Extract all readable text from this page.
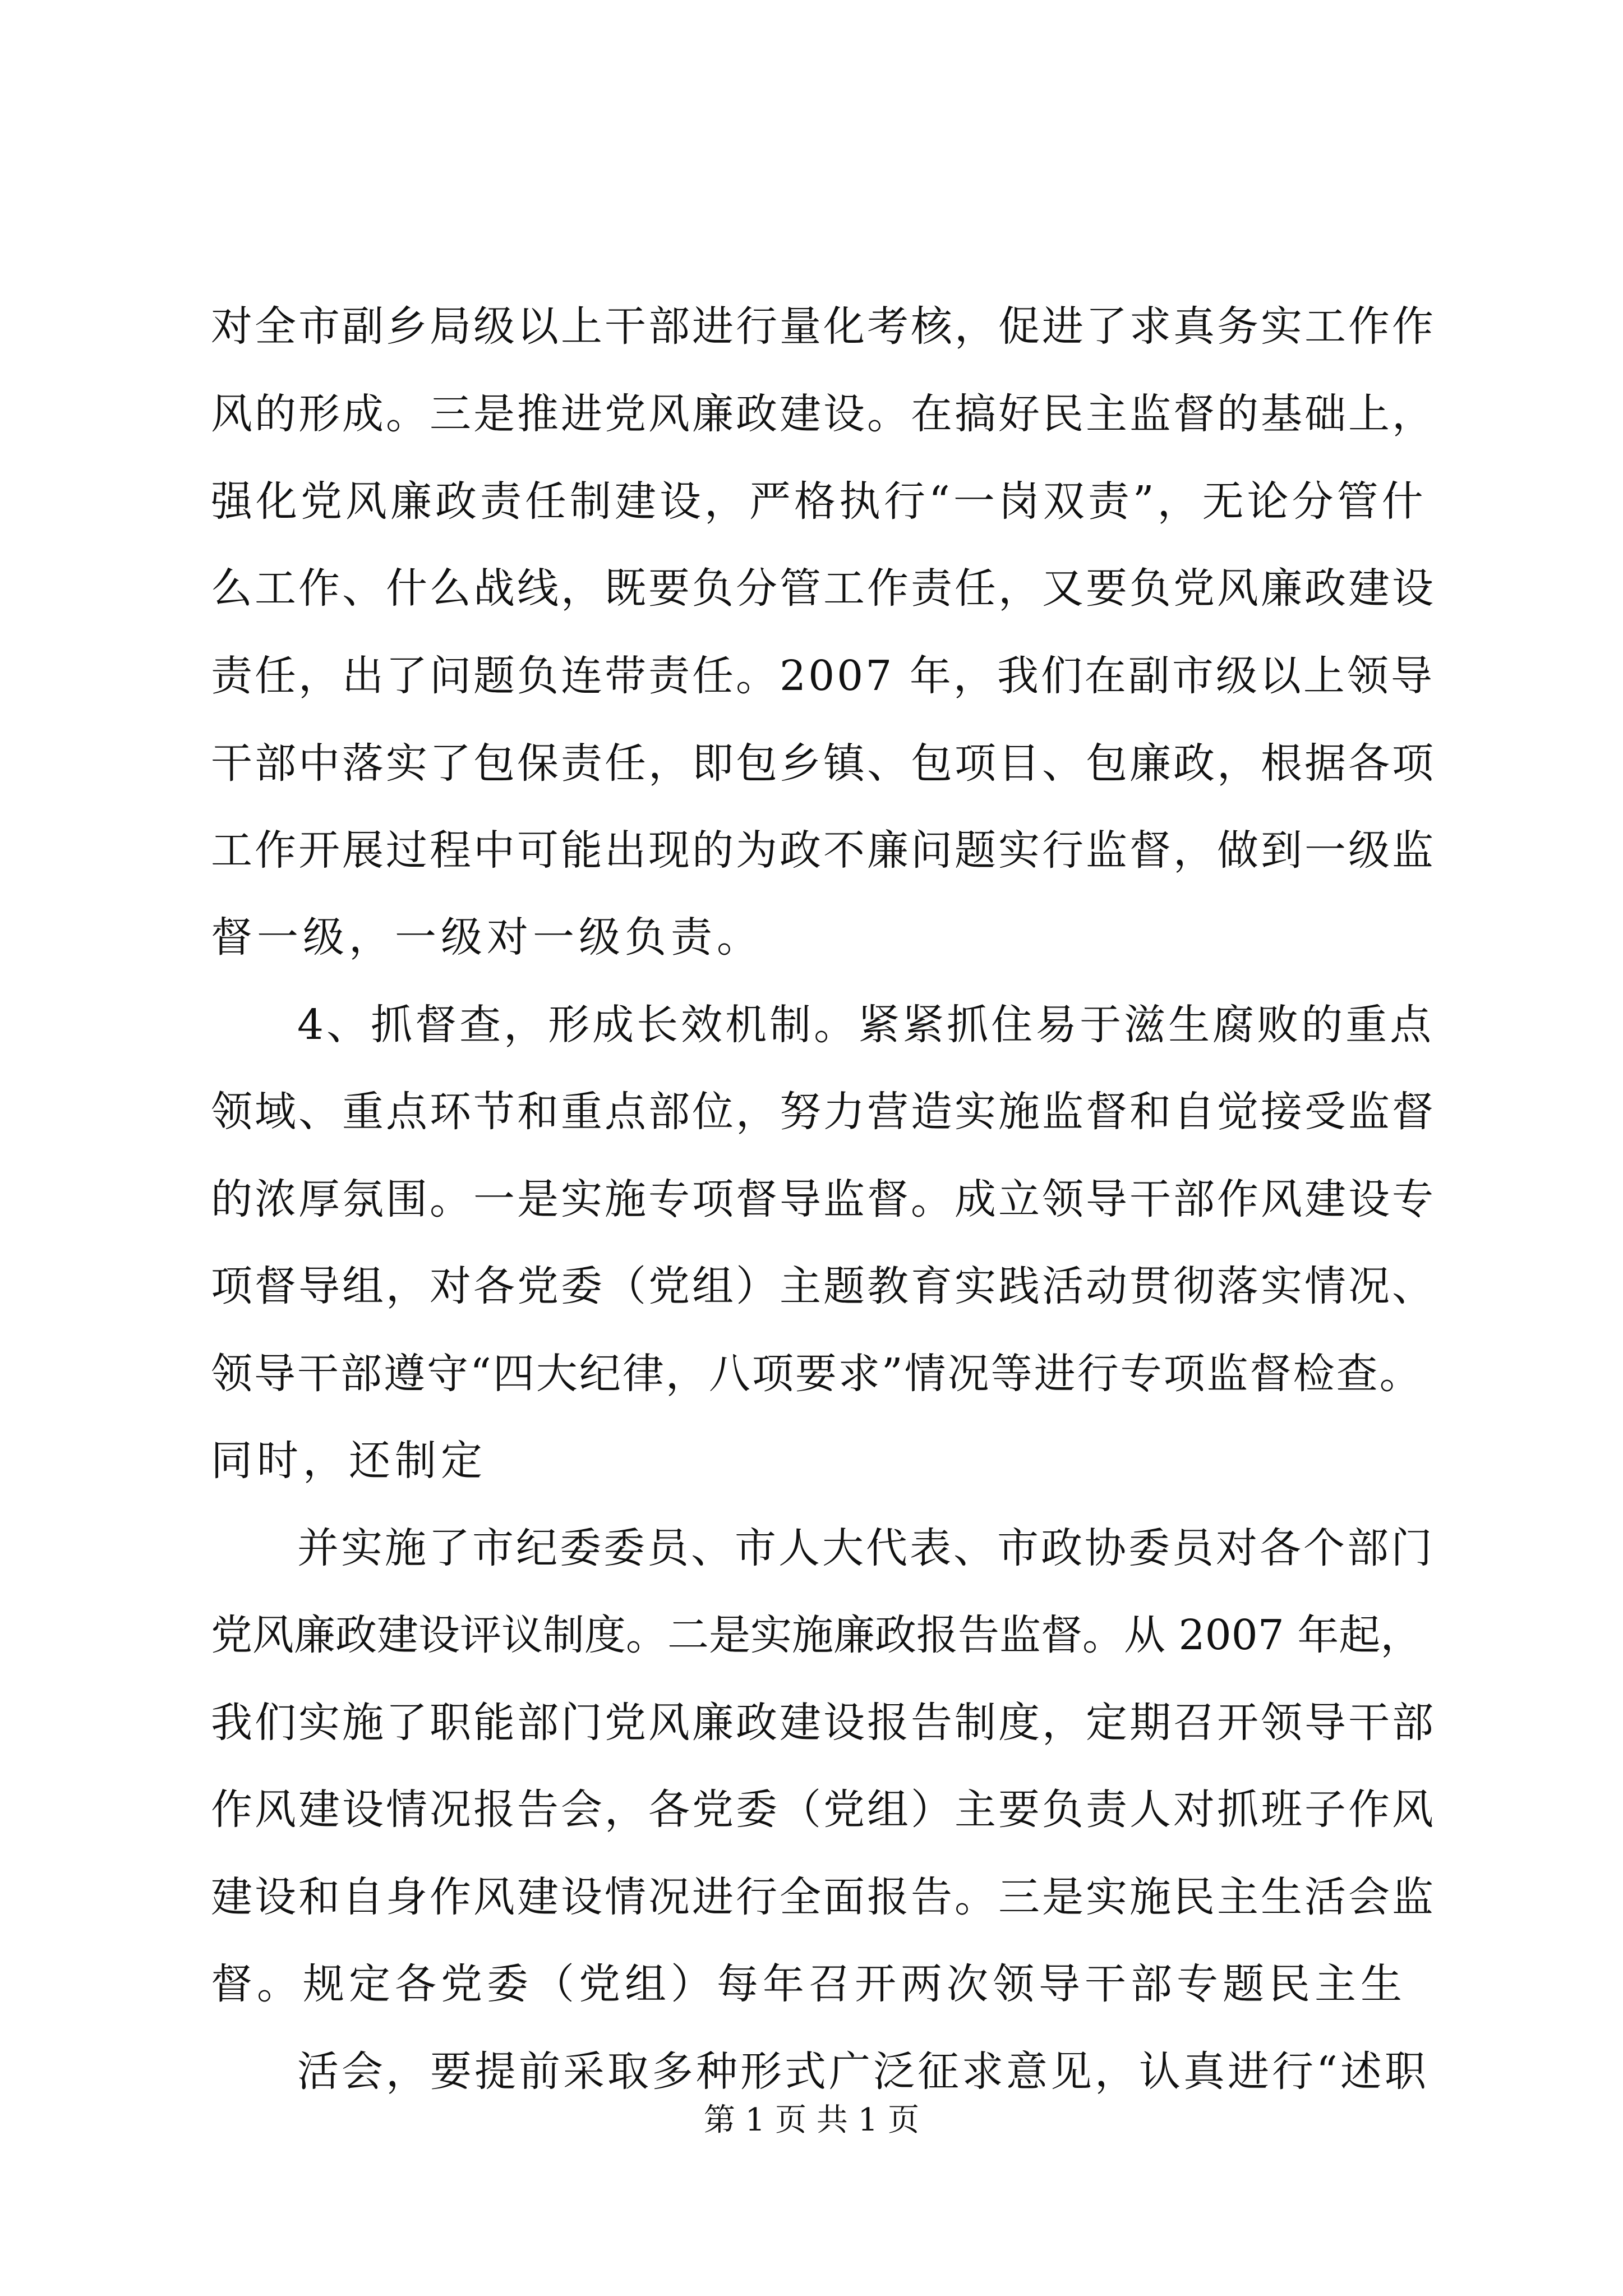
对全市副乡局级以上干部进行量化考核，促进了求真务实工作作
风的形成。三是推进党风廉政建设。在搞好民主监督的基础上，
强化党风廉政责任制建设，严格执行“一岗双责”，无论分管什
么工作、什么战线，既要负分管工作责任，又要负党风廉政建设
责任，出了问题负连带责任。2007 年，我们在副市级以上领导
干部中落实了包保责任，即包乡镇、包项目、包廉政，根据各项
工作开展过程中可能出现的为政不廉问题实行监督，做到一级监
督一级，一级对一级负责。
4、抓督查，形成长效机制。紧紧抓住易于滋生腐败的重点
领域、重点环节和重点部位，努力营造实施监督和自觉接受监督
的浓厚氛围。一是实施专项督导监督。成立领导干部作风建设专
项督导组，对各党委（党组）主题教育实践活动贯彻落实情况、
领导干部遵守“四大纪律，八项要求”情况等进行专项监督检查。
同时，还制定
并实施了市纪委委员、市人大代表、市政协委员对各个部门
党风廉政建设评议制度。二是实施廉政报告监督。从 2007 年起，
我们实施了职能部门党风廉政建设报告制度，定期召开领导干部
作风建设情况报告会，各党委（党组）主要负责人对抓班子作风
建设和自身作风建设情况进行全面报告。三是实施民主生活会监
督。规定各党委（党组）每年召开两次领导干部专题民主生
活会，要提前采取多种形式广泛征求意见，认真进行“述职
第 1 页 共 1 页
